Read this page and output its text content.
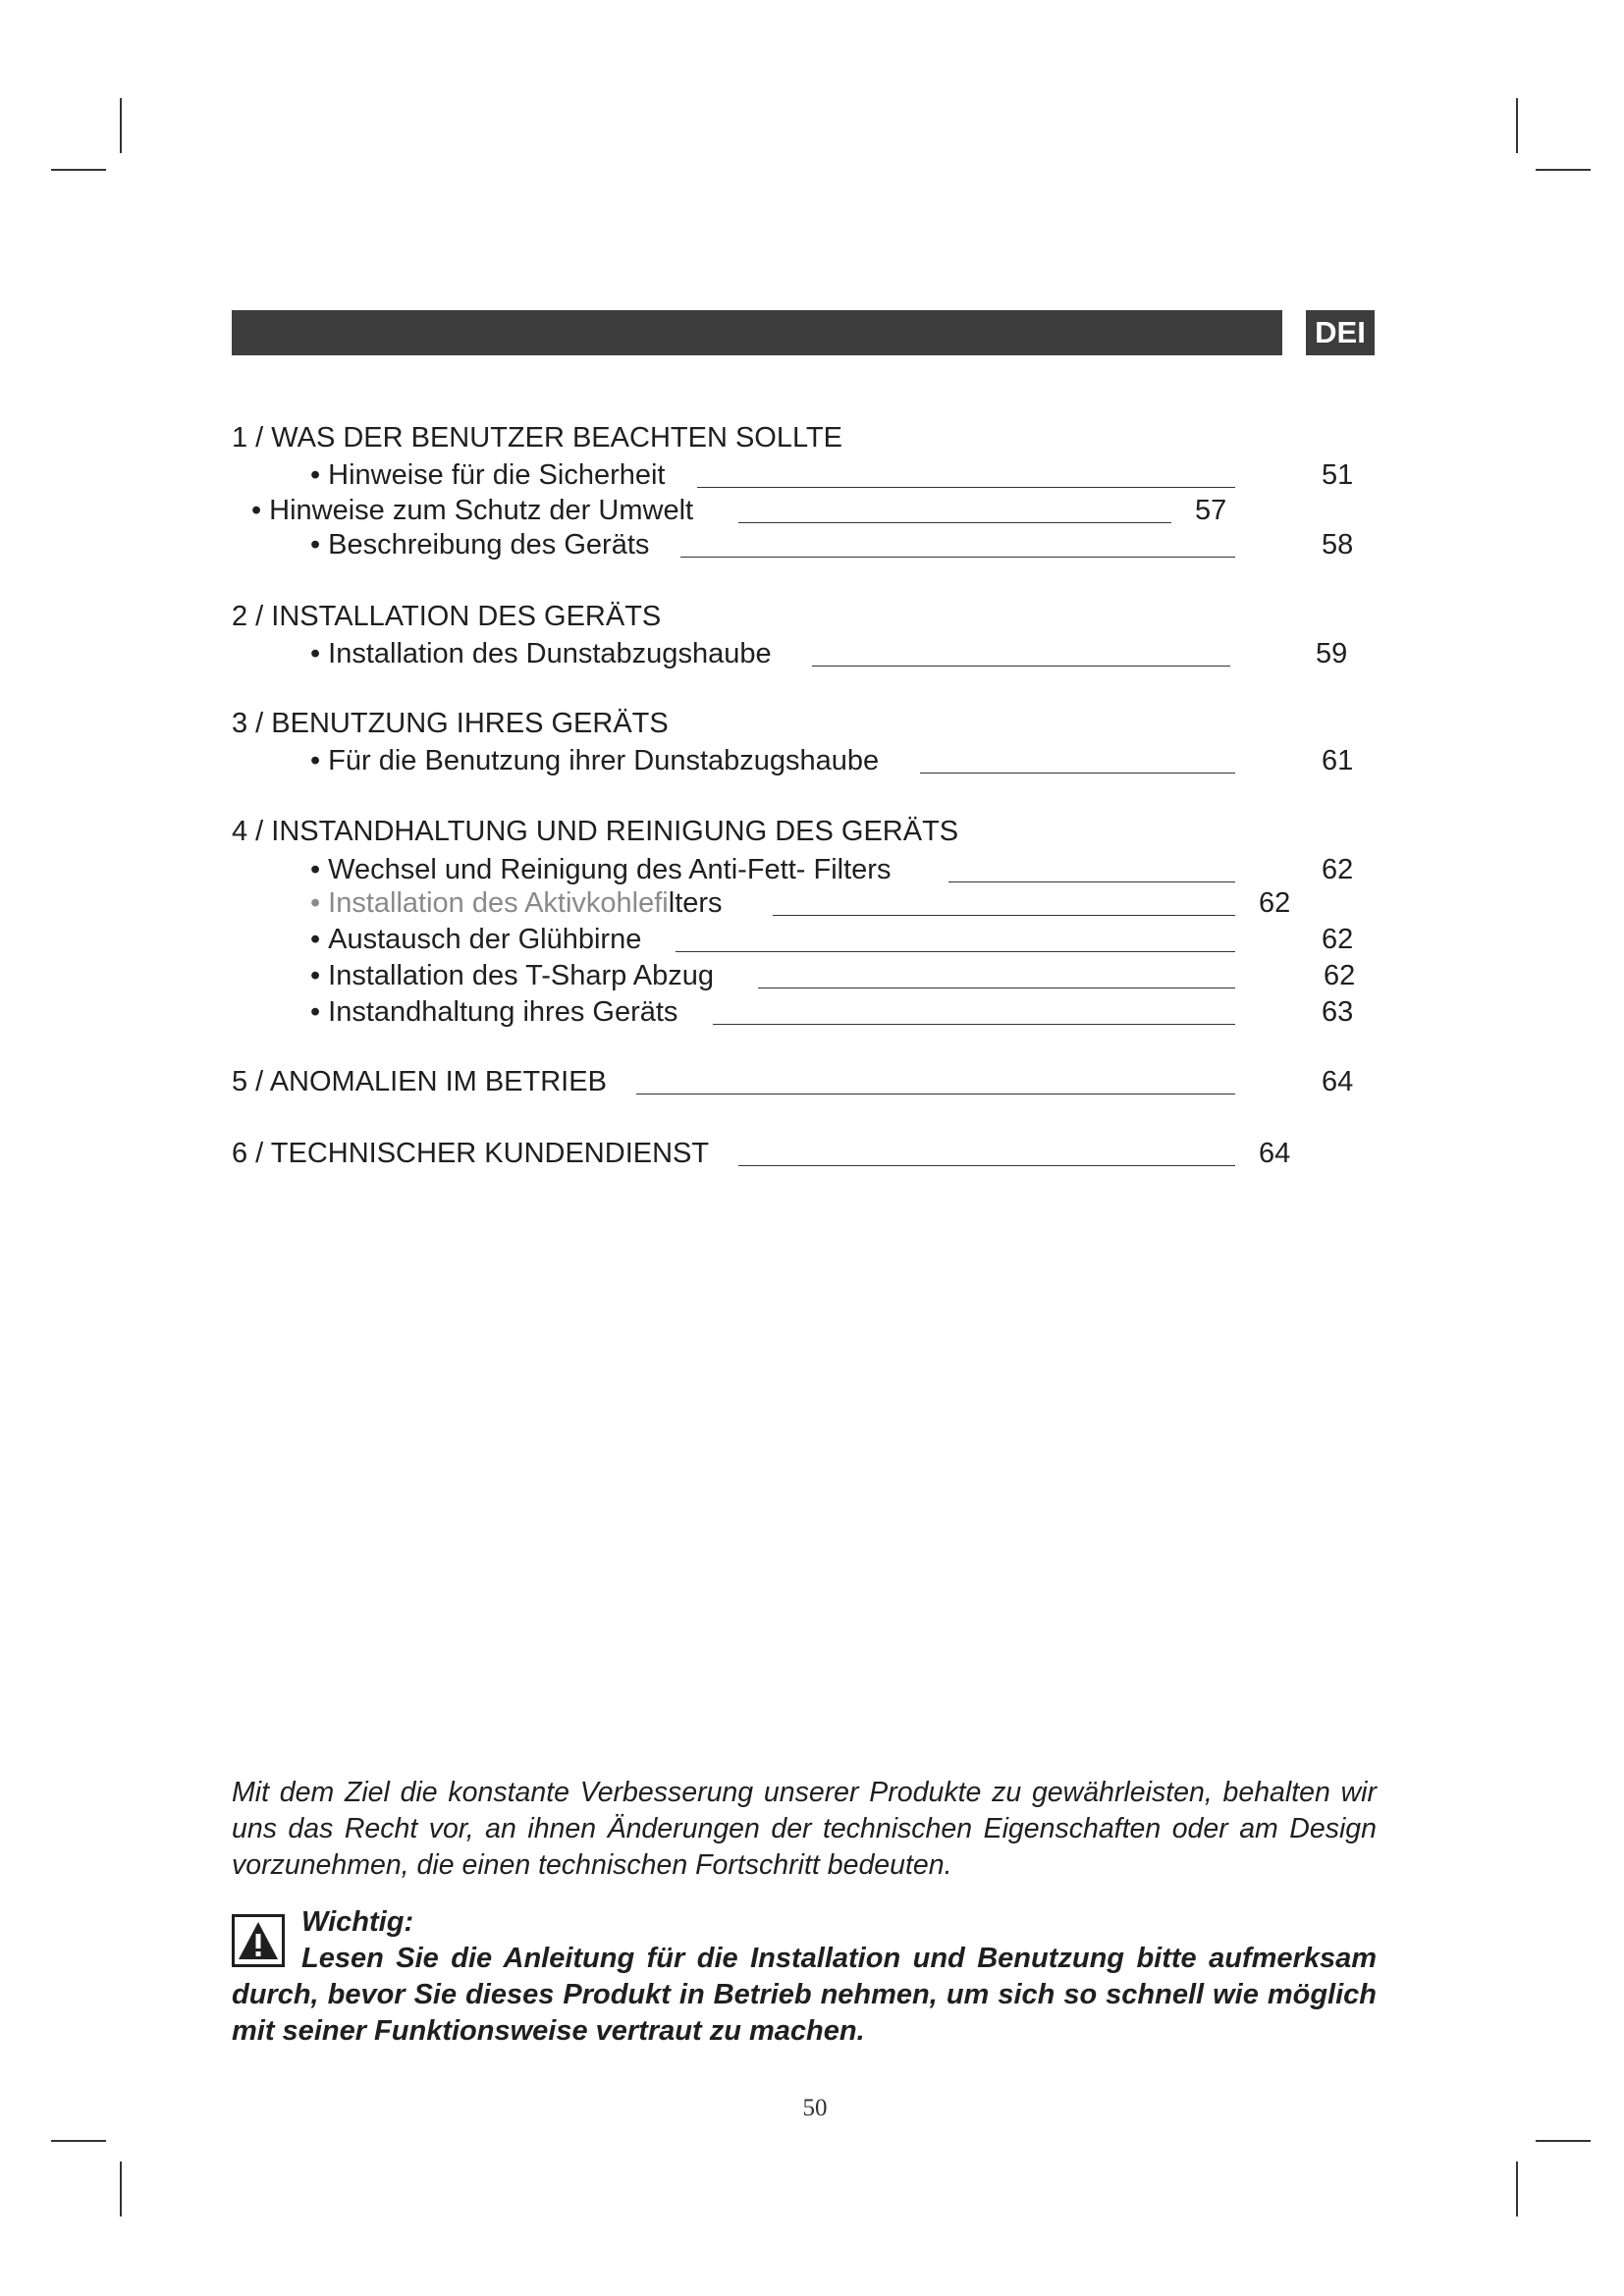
DEI
1 / WAS DER BENUTZER BEACHTEN SOLLTE
• Hinweise für die Sicherheit	51
• Hinweise zum Schutz der Umwelt	57
• Beschreibung des Geräts	58
2 / INSTALLATION DES GERÄTS
• Installation des Dunstabzugshaube	59
3 / BENUTZUNG IHRES GERÄTS
• Für die Benutzung ihrer Dunstabzugshaube	61
4 / INSTANDHALTUNG UND REINIGUNG DES GERÄTS
• Wechsel und Reinigung des Anti-Fett- Filters	62
• Installation des Aktivkohlefilters	62
• Austausch der Glühbirne	62
• Installation des T-Sharp Abzug	62
• Instandhaltung ihres Geräts	63
5 / ANOMALIEN IM BETRIEB	64
6 / TECHNISCHER KUNDENDIENST	64
Mit dem Ziel die konstante Verbesserung unserer Produkte zu gewährleisten, behalten wir uns das Recht vor, an ihnen Änderungen der technischen Eigenschaften oder am Design vorzunehmen, die einen technischen Fortschritt bedeuten.
Wichtig:
Lesen Sie die Anleitung für die Installation und Benutzung bitte aufmerksam durch, bevor Sie dieses Produkt in Betrieb nehmen, um sich so schnell wie möglich mit seiner Funktionsweise vertraut zu machen.
50
